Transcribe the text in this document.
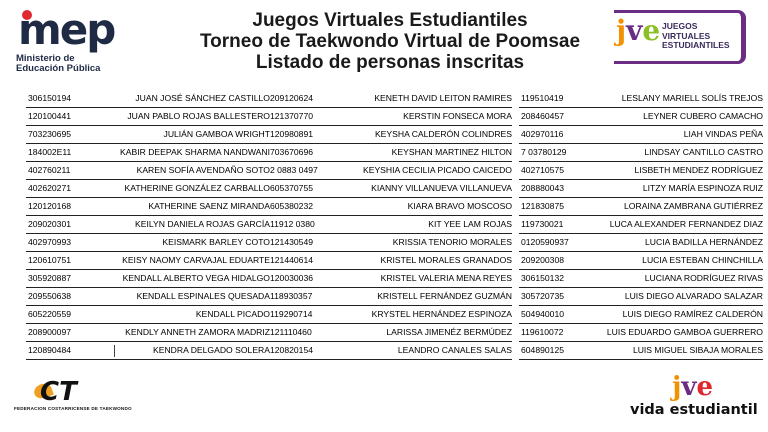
mep
Ministerio de
Educación Pública
Juegos Virtuales Estudiantiles
Torneo de Taekwondo Virtual de Poomsae
Listado de personas inscritas
jve JUEGOS
VIRTUALES
ESTUDIANTILES
306150194	JUAN JOSÉ SÁNCHEZ CASTILLO
120100441	JUAN PABLO ROJAS BALLESTERO
703230695	JULIÁN GAMBOA WRIGHT
184002E11	KABIR DEEPAK SHARMA NANDWANI
402760211	KAREN SOFÍA AVENDAÑO SOTO
402620271	KATHERINE GONZÁLEZ CARBALLO
120120168	KATHERINE SAENZ MIRANDA
209020301	KEILYN DANIELA ROJAS GARCÍA
402970993	KEISMARK BARLEY COTO
120610751	KEISY NAOMY CARVAJAL EDUARTE
305920887	KENDALL ALBERTO VEGA HIDALGO
209550638	KENDALL ESPINALES QUESADA
605220559	KENDALL PICADO
208900097	KENDLY ANNETH ZAMORA MADRIZ
120890484	KENDRA DELGADO SOLERA
209120624	KENETH DAVID LEITON RAMIRES
121370770	KERSTIN FONSECA MORA
120980891	KEYSHA CALDERÓN COLINDRES
703670696	KEYSHAN MARTINEZ HILTON
2 0883 0497	KEYSHIA CECILIA PICADO CAICEDO
605370755	KIANNY VILLANUEVA VILLANUEVA
605380232	KIARA BRAVO MOSCOSO
11912 0380	KIT YEE LAM ROJAS
121430549	KRISSIA TENORIO MORALES
121440614	KRISTEL MORALES GRANADOS
120030036	KRISTEL VALERIA MENA REYES
118930357	KRISTELL FERNÁNDEZ GUZMÁN
119290714	KRYSTEL HERNÁNDEZ ESPINOZA
121110460	LARISSA JIMENÉZ BERMÚDEZ
120820154	LEANDRO CANALES SALAS
119510419	LESLANY MARIELL SOLÍS TREJOS
208460457	LEYNER CUBERO CAMACHO
402970116	LIAH VINDAS PEÑA
7 03780129	LINDSAY CANTILLO CASTRO
402710575	LISBETH MENDEZ RODRÍGUEZ
208880043	LITZY MARÍA ESPINOZA RUIZ
121830875	LORAINA ZAMBRANA GUTIÉRREZ
119730021	LUCA ALEXANDER FERNANDEZ DIAZ
0120590937	LUCIA BADILLA HERNÁNDEZ
209200308	LUCIA ESTEBAN CHINCHILLA
306150132	LUCIANA RODRÍGUEZ RIVAS
305720735	LUIS DIEGO ALVARADO SALAZAR
504940010	LUIS DIEGO RAMÍREZ CALDERÓN
119610072	LUIS EDUARDO GAMBOA GUERRERO
604890125	LUIS MIGUEL SIBAJA MORALES
CT
FEDERACION COSTARRICENSE DE TAEKWONDO
jve
vida estudiantil
